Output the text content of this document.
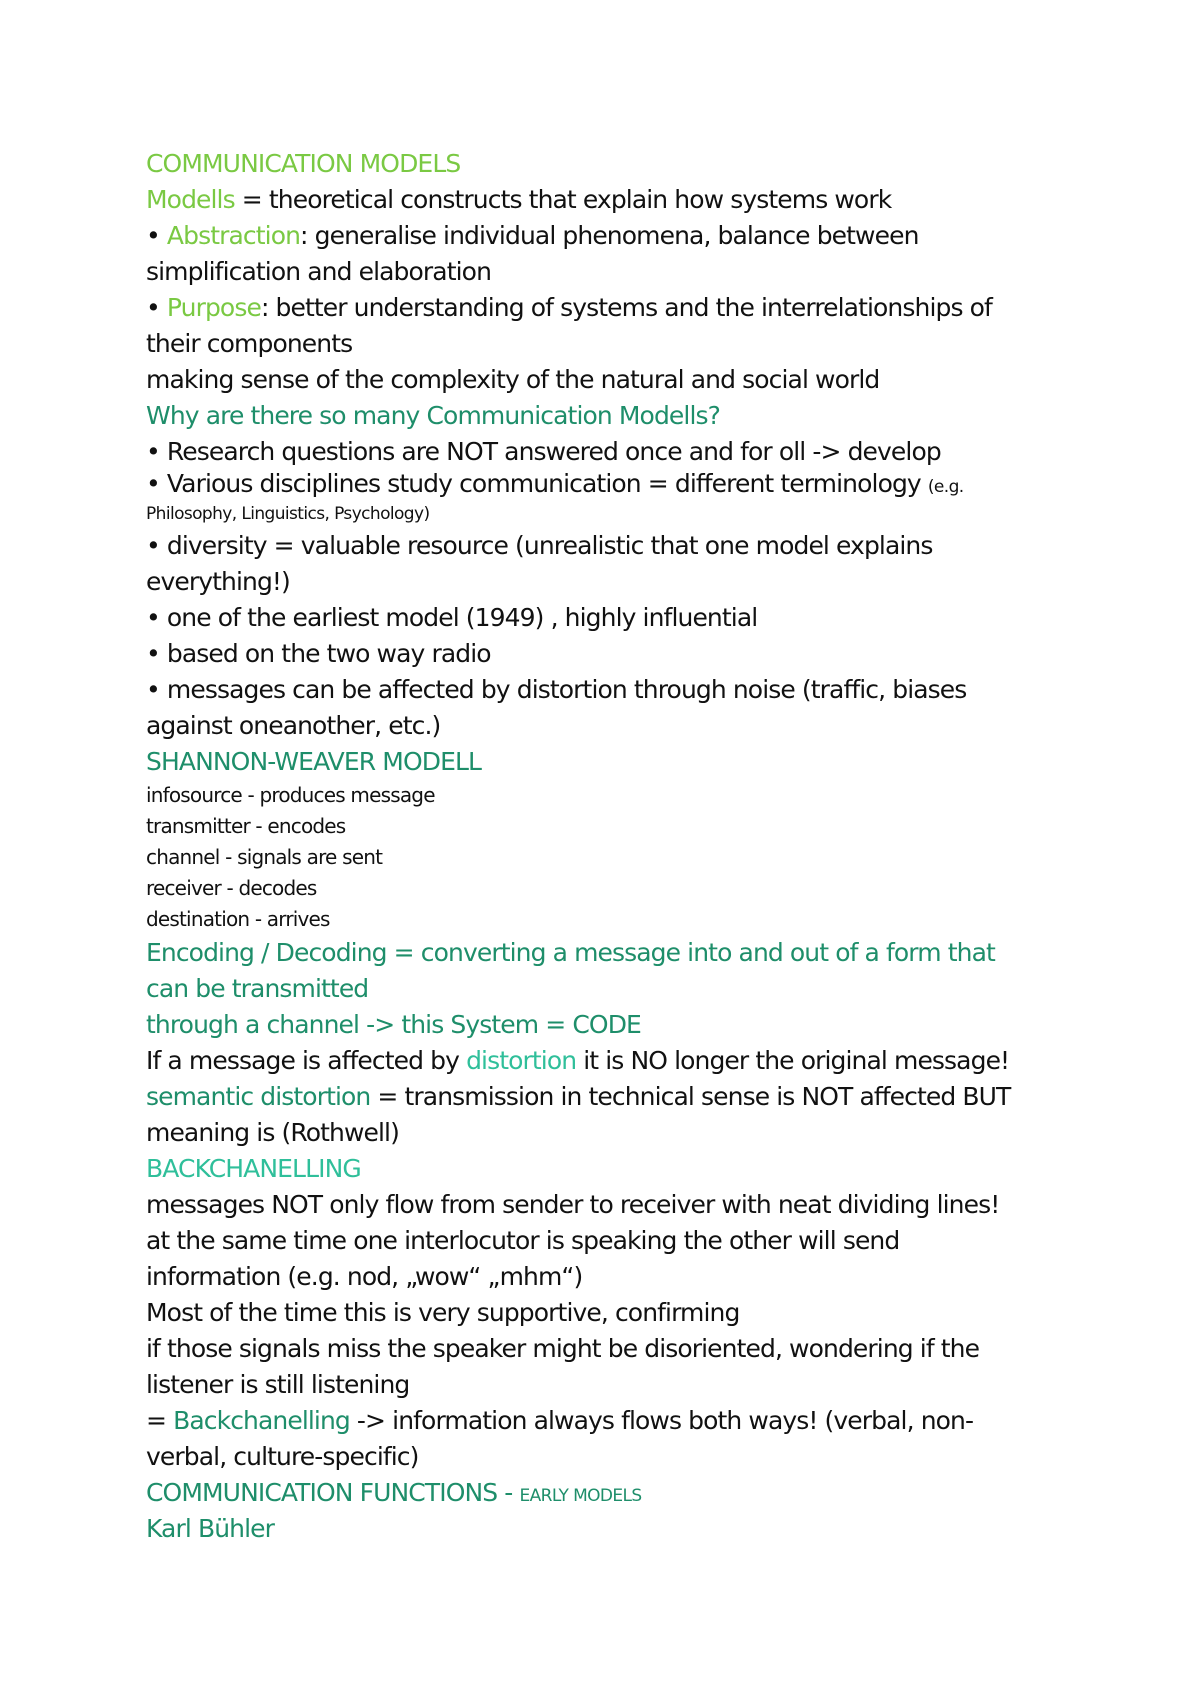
COMMUNICATION MODELS
Modells = theoretical constructs that explain how systems work
• Abstraction: generalise individual phenomena, balance between
simplification and elaboration
• Purpose: better understanding of systems and the interrelationships of
their components
making sense of the complexity of the natural and social world
Why are there so many Communication Modells?
• Research questions are NOT answered once and for oll -> develop
• Various disciplines study communication = different terminology (e.g.
Philosophy, Linguistics, Psychology)
• diversity = valuable resource (unrealistic that one model explains
everything!)
• one of the earliest model (1949) , highly influential
• based on the two way radio
• messages can be affected by distortion through noise (traffic, biases
against oneanother, etc.)
SHANNON-WEAVER MODELL
infosource - produces message
transmitter - encodes
channel - signals are sent
receiver - decodes
destination - arrives
Encoding / Decoding = converting a message into and out of a form that
can be transmitted
through a channel -> this System = CODE
If a message is affected by distortion it is NO longer the original message!
semantic distortion = transmission in technical sense is NOT affected BUT
meaning is (Rothwell)
BACKCHANELLING
messages NOT only flow from sender to receiver with neat dividing lines!
at the same time one interlocutor is speaking the other will send
information (e.g. nod, „wow“ „mhm“)
Most of the time this is very supportive, confirming
if those signals miss the speaker might be disoriented, wondering if the
listener is still listening
= Backchanelling -> information always flows both ways! (verbal, non-
verbal, culture-specific)
COMMUNICATION FUNCTIONS - EARLY MODELS
Karl Bühler
